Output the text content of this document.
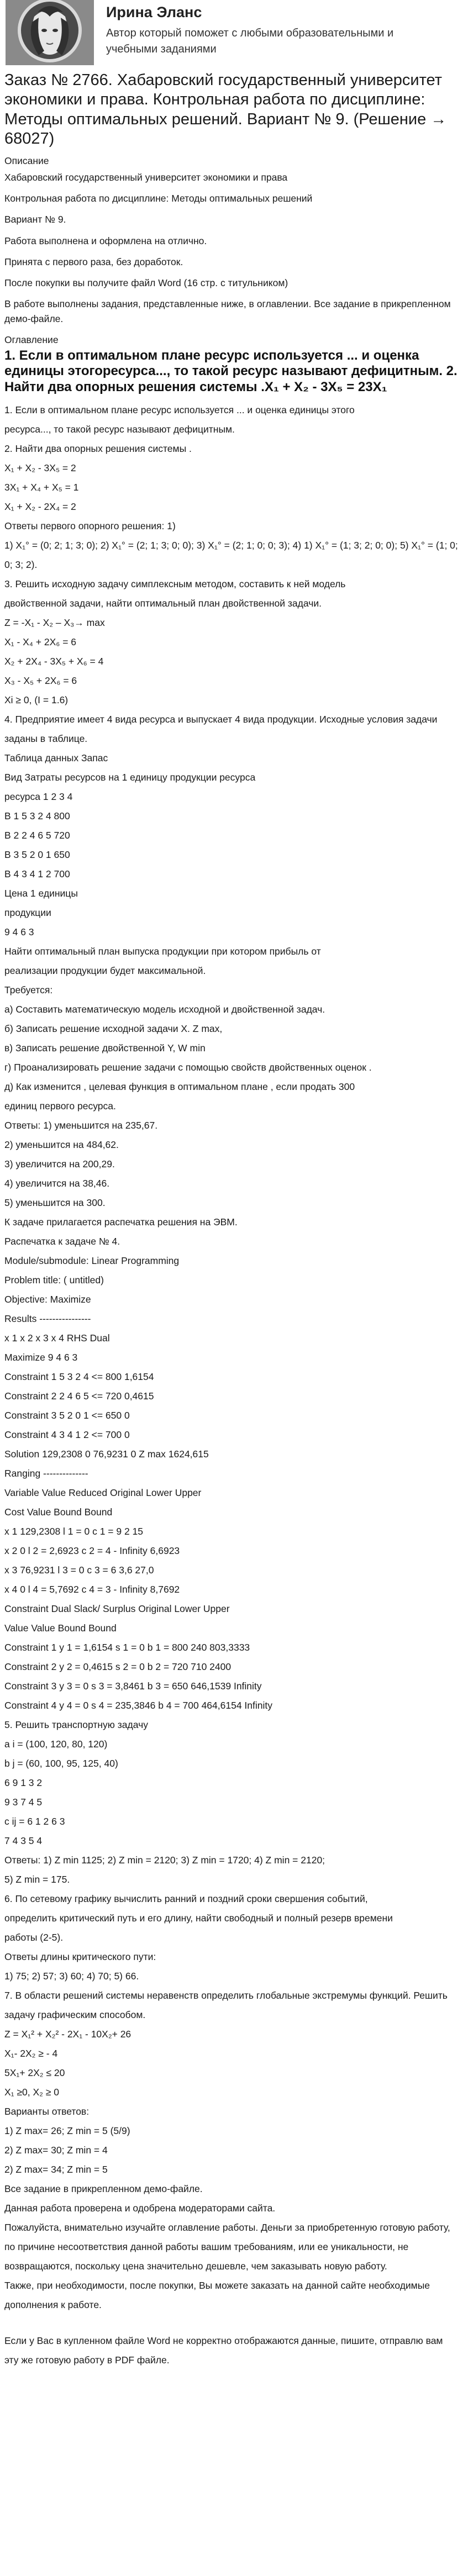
Ирина Эланс
Автор который поможет с любыми образовательными и учебными заданиями
Заказ № 2766. Хабаровский государственный университет экономики и права. Контрольная работа по дисциплине: Методы оптимальных решений. Вариант № 9. (Решение → 68027)
Описание

Хабаровский государственный университет экономики и права

Контрольная работа по дисциплине: Методы оптимальных решений

Вариант № 9.

Работа выполнена и оформлена на отлично.

Принята с первого раза, без доработок.

После покупки вы получите файл Word (16 стр. с титульником)

В работе выполнены задания, представленные ниже, в оглавлении. Все задание в прикрепленном демо-файле.

Оглавление
1. Если в оптимальном плане ресурс используется ... и оценка единицы этогоресурса..., то такой ресурс называют дефицитным. 2. Найти два опорных решения системы .X₁ + X₂ - 3X₅ = 23X₁

1. Если в оптимальном плане ресурс используется ... и оценка единицы этого

ресурса..., то такой ресурс называют дефицитным.

2. Найти два опорных решения системы .

X₁ + X₂ - 3X₅ = 2

3X₁ + X₄ + X₅ = 1

X₁ + X₂ - 2X₄ = 2

Ответы первого опорного решения: 1)

1) X₁° = (0; 2; 1; 3; 0); 2) X₁° = (2; 1; 3; 0; 0); 3) X₁° = (2; 1; 0; 0; 3); 4) 1) X₁° = (1; 3; 2; 0; 0); 5) X₁° = (1; 0; 0; 3; 2).

3. Решить исходную задачу симплексным методом, составить к ней модель

двойственной задачи, найти оптимальный план двойственной задачи.

Z = -X₁ - X₂ – X₃→ max

X₁ - X₄ + 2X₆ = 6

X₂ + 2X₄ - 3X₅ + X₆ = 4

X₃ - X₅ + 2X₆ = 6

Xi ≥ 0, (I = 1.6)

4. Предприятие имеет 4 вида ресурса и выпускает 4 вида продукции. Исходные условия задачи заданы в таблице.

Таблица данных Запас

Вид Затраты ресурсов на 1 единицу продукции ресурса

ресурса 1 2 3 4

В 1 5 3 2 4 800

В 2 2 4 6 5 720

В 3 5 2 0 1 650

В 4 3 4 1 2 700

Цена 1 единицы

продукции

9 4 6 3

Найти оптимальный план выпуска продукции при котором прибыль от

реализации продукции будет максимальной.

Требуется:

а) Составить математическую модель исходной и двойственной задач.

б) Записать решение исходной задачи X. Z max,

в) Записать решение двойственной Y, W min

г) Проанализировать решение задачи с помощью свойств двойственных оценок .

д) Как изменится , целевая функция в оптимальном плане , если продать 300

единиц первого ресурса.

Ответы: 1) уменьшится на 235,67.

2) уменьшится на 484,62.

3) увеличится на 200,29.

4) увеличится на 38,46.

5) уменьшится на 300.

К задаче прилагается распечатка решения на ЭВМ.

Распечатка к задаче № 4.

Module/submodule: Linear Programming

Problem title: ( untitled)

Objective: Maximize

Results ----------------

x 1 x 2 x 3 x 4 RHS Dual

Maximize 9 4 6 3

Constraint 1 5 3 2 4 <= 800 1,6154

Constraint 2 2 4 6 5 <= 720 0,4615

Constraint 3 5 2 0 1 <= 650 0

Constraint 4 3 4 1 2 <= 700 0

Solution 129,2308 0 76,9231 0 Z max 1624,615

Ranging --------------

Variable Value Reduced Original Lower Upper

Cost Value Bound Bound

x 1 129,2308 l 1 = 0 с 1 = 9 2 15

x 2 0 l 2 = 2,6923 с 2 = 4 - Infinity 6,6923

x 3 76,9231 l 3 = 0 с 3 = 6 3,6 27,0

x 4 0 l 4 = 5,7692 с 4 = 3 - Infinity 8,7692

Constraint Dual Slack/ Surplus Original Lower Upper

Value Value Bound Bound

Constraint 1 y 1 = 1,6154 s 1 = 0 b 1 = 800 240 803,3333

Constraint 2 y 2 = 0,4615 s 2 = 0 b 2 = 720 710 2400

Constraint 3 y 3 = 0 s 3 = 3,8461 b 3 = 650 646,1539 Infinity

Constraint 4 y 4 = 0 s 4 = 235,3846 b 4 = 700 464,6154 Infinity

5. Решить транспортную задачу

a i = (100, 120, 80, 120)

b j = (60, 100, 95, 125, 40)

6 9 1 3 2

9 3 7 4 5

c ij = 6 1 2 6 3

7 4 3 5 4

Ответы: 1) Z min 1125; 2) Z min = 2120; 3) Z min = 1720; 4) Z min = 2120;

5) Z min = 175.

6. По сетевому графику вычислить ранний и поздний сроки свершения событий,

определить критический путь и его длину, найти свободный и полный резерв времени

работы (2-5).

Ответы длины критического пути:

1) 75; 2) 57; 3) 60; 4) 70; 5) 66.

7. В области решений системы неравенств определить глобальные экстремумы функций. Решить задачу графическим способом.

Z = X₁² + X₂² - 2X₁ - 10X₂+ 26

X₁- 2X₂ ≥ - 4

5X₁+ 2X₂ ≤ 20

X₁ ≥0, X₂ ≥ 0

Варианты ответов:

1) Z max= 26; Z min = 5 (5/9)

2) Z max= 30; Z min = 4

2) Z max= 34; Z min = 5

Все задание в прикрепленном демо-файле.

Данная работа проверена и одобрена модераторами сайта.

Пожалуйста, внимательно изучайте оглавление работы. Деньги за приобретенную готовую работу, по причине несоответствия данной работы вашим требованиям, или ее уникальности, не возвращаются, поскольку цена значительно дешевле, чем заказывать новую работу.

Также, при необходимости, после покупки, Вы можете заказать на данной сайте необходимые дополнения к работе.

Если у Вас в купленном файле Word не корректно отображаются данные, пишите, отправлю вам эту же готовую работу в PDF файле.
